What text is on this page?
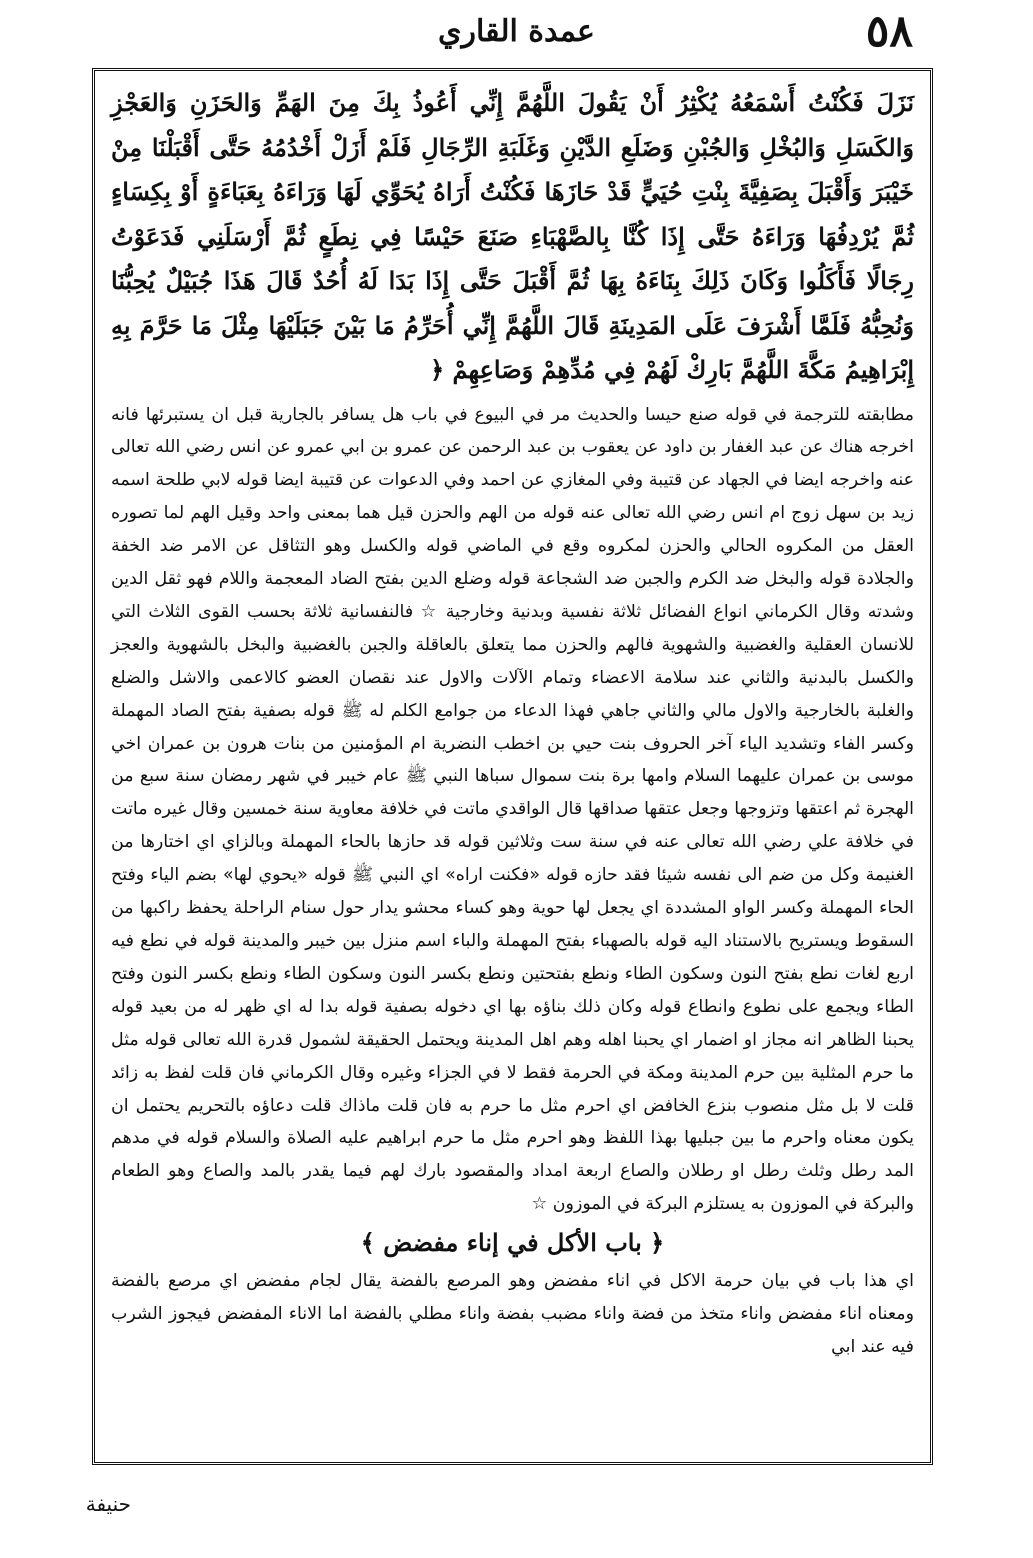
٥٨
عمدة القاري

نَزَلَ فَكُنْتُ أَسْمَعُهُ يُكْثِرُ أَنْ يَقُولَ اللَّهُمَّ إِنِّي أَعُوذُ بِكَ مِنَ الهَمِّ وَالحَزَنِ وَالعَجْزِ وَالكَسَلِ وَالبُخْلِ وَالجُبْنِ وَضَلَعِ الدَّيْنِ وَغَلَبَةِ الرِّجَالِ فَلَمْ أَزَلْ أَخْدُمُهُ حَتَّى أَقْبَلْنَا مِنْ خَيْبَرَ وَأَقْبَلَ بِصَفِيَّةَ بِنْتِ حُيَيٍّ قَدْ حَازَهَا فَكُنْتُ أَرَاهُ يُحَوِّي لَهَا وَرَاءَهُ بِعَبَاءَةٍ أَوْ بِكِسَاءٍ ثُمَّ يُرْدِفُهَا وَرَاءَهُ حَتَّى إِذَا كُنَّا بِالصَّهْبَاءِ صَنَعَ حَيْسًا فِي نِطَعٍ ثُمَّ أَرْسَلَنِي فَدَعَوْتُ رِجَالًا فَأَكَلُوا وَكَانَ ذَلِكَ بِنَاءَهُ بِهَا ثُمَّ أَقْبَلَ حَتَّى إِذَا بَدَا لَهُ أُحُدٌ قَالَ هَذَا جُبَيْلٌ يُحِبُّنَا وَنُحِبُّهُ فَلَمَّا أَشْرَفَ عَلَى المَدِينَةِ قَالَ اللَّهُمَّ إِنِّي أُحَرِّمُ مَا بَيْنَ جَبَلَيْهَا مِثْلَ مَا حَرَّمَ بِهِ إِبْرَاهِيمُ مَكَّةَ اللَّهُمَّ بَارِكْ لَهُمْ فِي مُدِّهِمْ وَصَاعِهِمْ ﴿

مطابقته للترجمة في قوله صنع حيسا والحديث مر في البيوع في باب هل يسافر بالجارية قبل ان يستبرئها فانه اخرجه هناك عن عبد الغفار بن داود عن يعقوب بن عبد الرحمن عن عمرو بن ابي عمرو عن انس رضي الله تعالى عنه واخرجه ايضا في الجهاد عن قتيبة وفي المغازي عن احمد وفي الدعوات عن قتيبة ايضا قوله لابي طلحة اسمه زيد بن سهل زوج ام انس رضي الله تعالى عنه قوله من الهم والحزن قيل هما بمعنى واحد وقيل الهم لما تصوره العقل من المكروه الحالي والحزن لمكروه وقع في الماضي قوله والكسل وهو التثاقل عن الامر ضد الخفة والجلادة قوله والبخل ضد الكرم والجبن ضد الشجاعة قوله وضلع الدين بفتح الضاد المعجمة واللام فهو ثقل الدين وشدته وقال الكرماني انواع الفضائل ثلاثة نفسية وبدنية وخارجية ☆ فالنفسانية ثلاثة بحسب القوى الثلاث التي للانسان العقلية والغضبية والشهوية فالهم والحزن مما يتعلق بالعاقلة والجبن بالغضبية والبخل بالشهوية والعجز والكسل بالبدنية والثاني عند سلامة الاعضاء وتمام الآلات والاول عند نقصان العضو كالاعمى والاشل والضلع والغلبة بالخارجية والاول مالي والثاني جاهي فهذا الدعاء من جوامع الكلم له ﷺ قوله بصفية بفتح الصاد المهملة وكسر الفاء وتشديد الياء آخر الحروف بنت حيي بن اخطب النضرية ام المؤمنين من بنات هرون بن عمران اخي موسى بن عمران عليهما السلام وامها برة بنت سموال سباها النبي ﷺ عام خيبر في شهر رمضان سنة سبع من الهجرة ثم اعتقها وتزوجها وجعل عتقها صداقها قال الواقدي ماتت في خلافة معاوية سنة خمسين وقال غيره ماتت في خلافة علي رضي الله تعالى عنه في سنة ست وثلاثين قوله قد حازها بالحاء المهملة وبالزاي اي اختارها من الغنيمة وكل من ضم الى نفسه شيئا فقد حازه قوله «فكنت اراه» اي النبي ﷺ قوله «يحوي لها» بضم الياء وفتح الحاء المهملة وكسر الواو المشددة اي يجعل لها حوية وهو كساء محشو يدار حول سنام الراحلة يحفظ راكبها من السقوط ويستريح بالاستناد اليه قوله بالصهباء بفتح المهملة والباء اسم منزل بين خيبر والمدينة قوله في نطع فيه اربع لغات نطع بفتح النون وسكون الطاء ونطع بفتحتين ونطع بكسر النون وسكون الطاء ونطع بكسر النون وفتح الطاء ويجمع على نطوع وانطاع قوله وكان ذلك بناؤه بها اي دخوله بصفية قوله بدا له اي ظهر له من بعيد قوله يحبنا الظاهر انه مجاز او اضمار اي يحبنا اهله وهم اهل المدينة ويحتمل الحقيقة لشمول قدرة الله تعالى قوله مثل ما حرم المثلية بين حرم المدينة ومكة في الحرمة فقط لا في الجزاء وغيره وقال الكرماني فان قلت لفظ به زائد قلت لا بل مثل منصوب بنزع الخافض اي احرم مثل ما حرم به فان قلت ماذاك قلت دعاؤه بالتحريم يحتمل ان يكون معناه واحرم ما بين جبليها بهذا اللفظ وهو احرم مثل ما حرم ابراهيم عليه الصلاة والسلام قوله في مدهم المد رطل وثلث رطل او رطلان والصاع اربعة امداد والمقصود بارك لهم فيما يقدر بالمد والصاع وهو الطعام والبركة في الموزون به يستلزم البركة في الموزون ☆

﴿ باب الأكل في إناء مفضض ﴾

اي هذا باب في بيان حرمة الاكل في اناء مفضض وهو المرصع بالفضة يقال لجام مفضض اي مرصع بالفضة ومعناه اناء مفضض واناء متخذ من فضة واناء مضبب بفضة واناء مطلي بالفضة اما الاناء المفضض فيجوز الشرب فيه عند ابي

حنيفة
